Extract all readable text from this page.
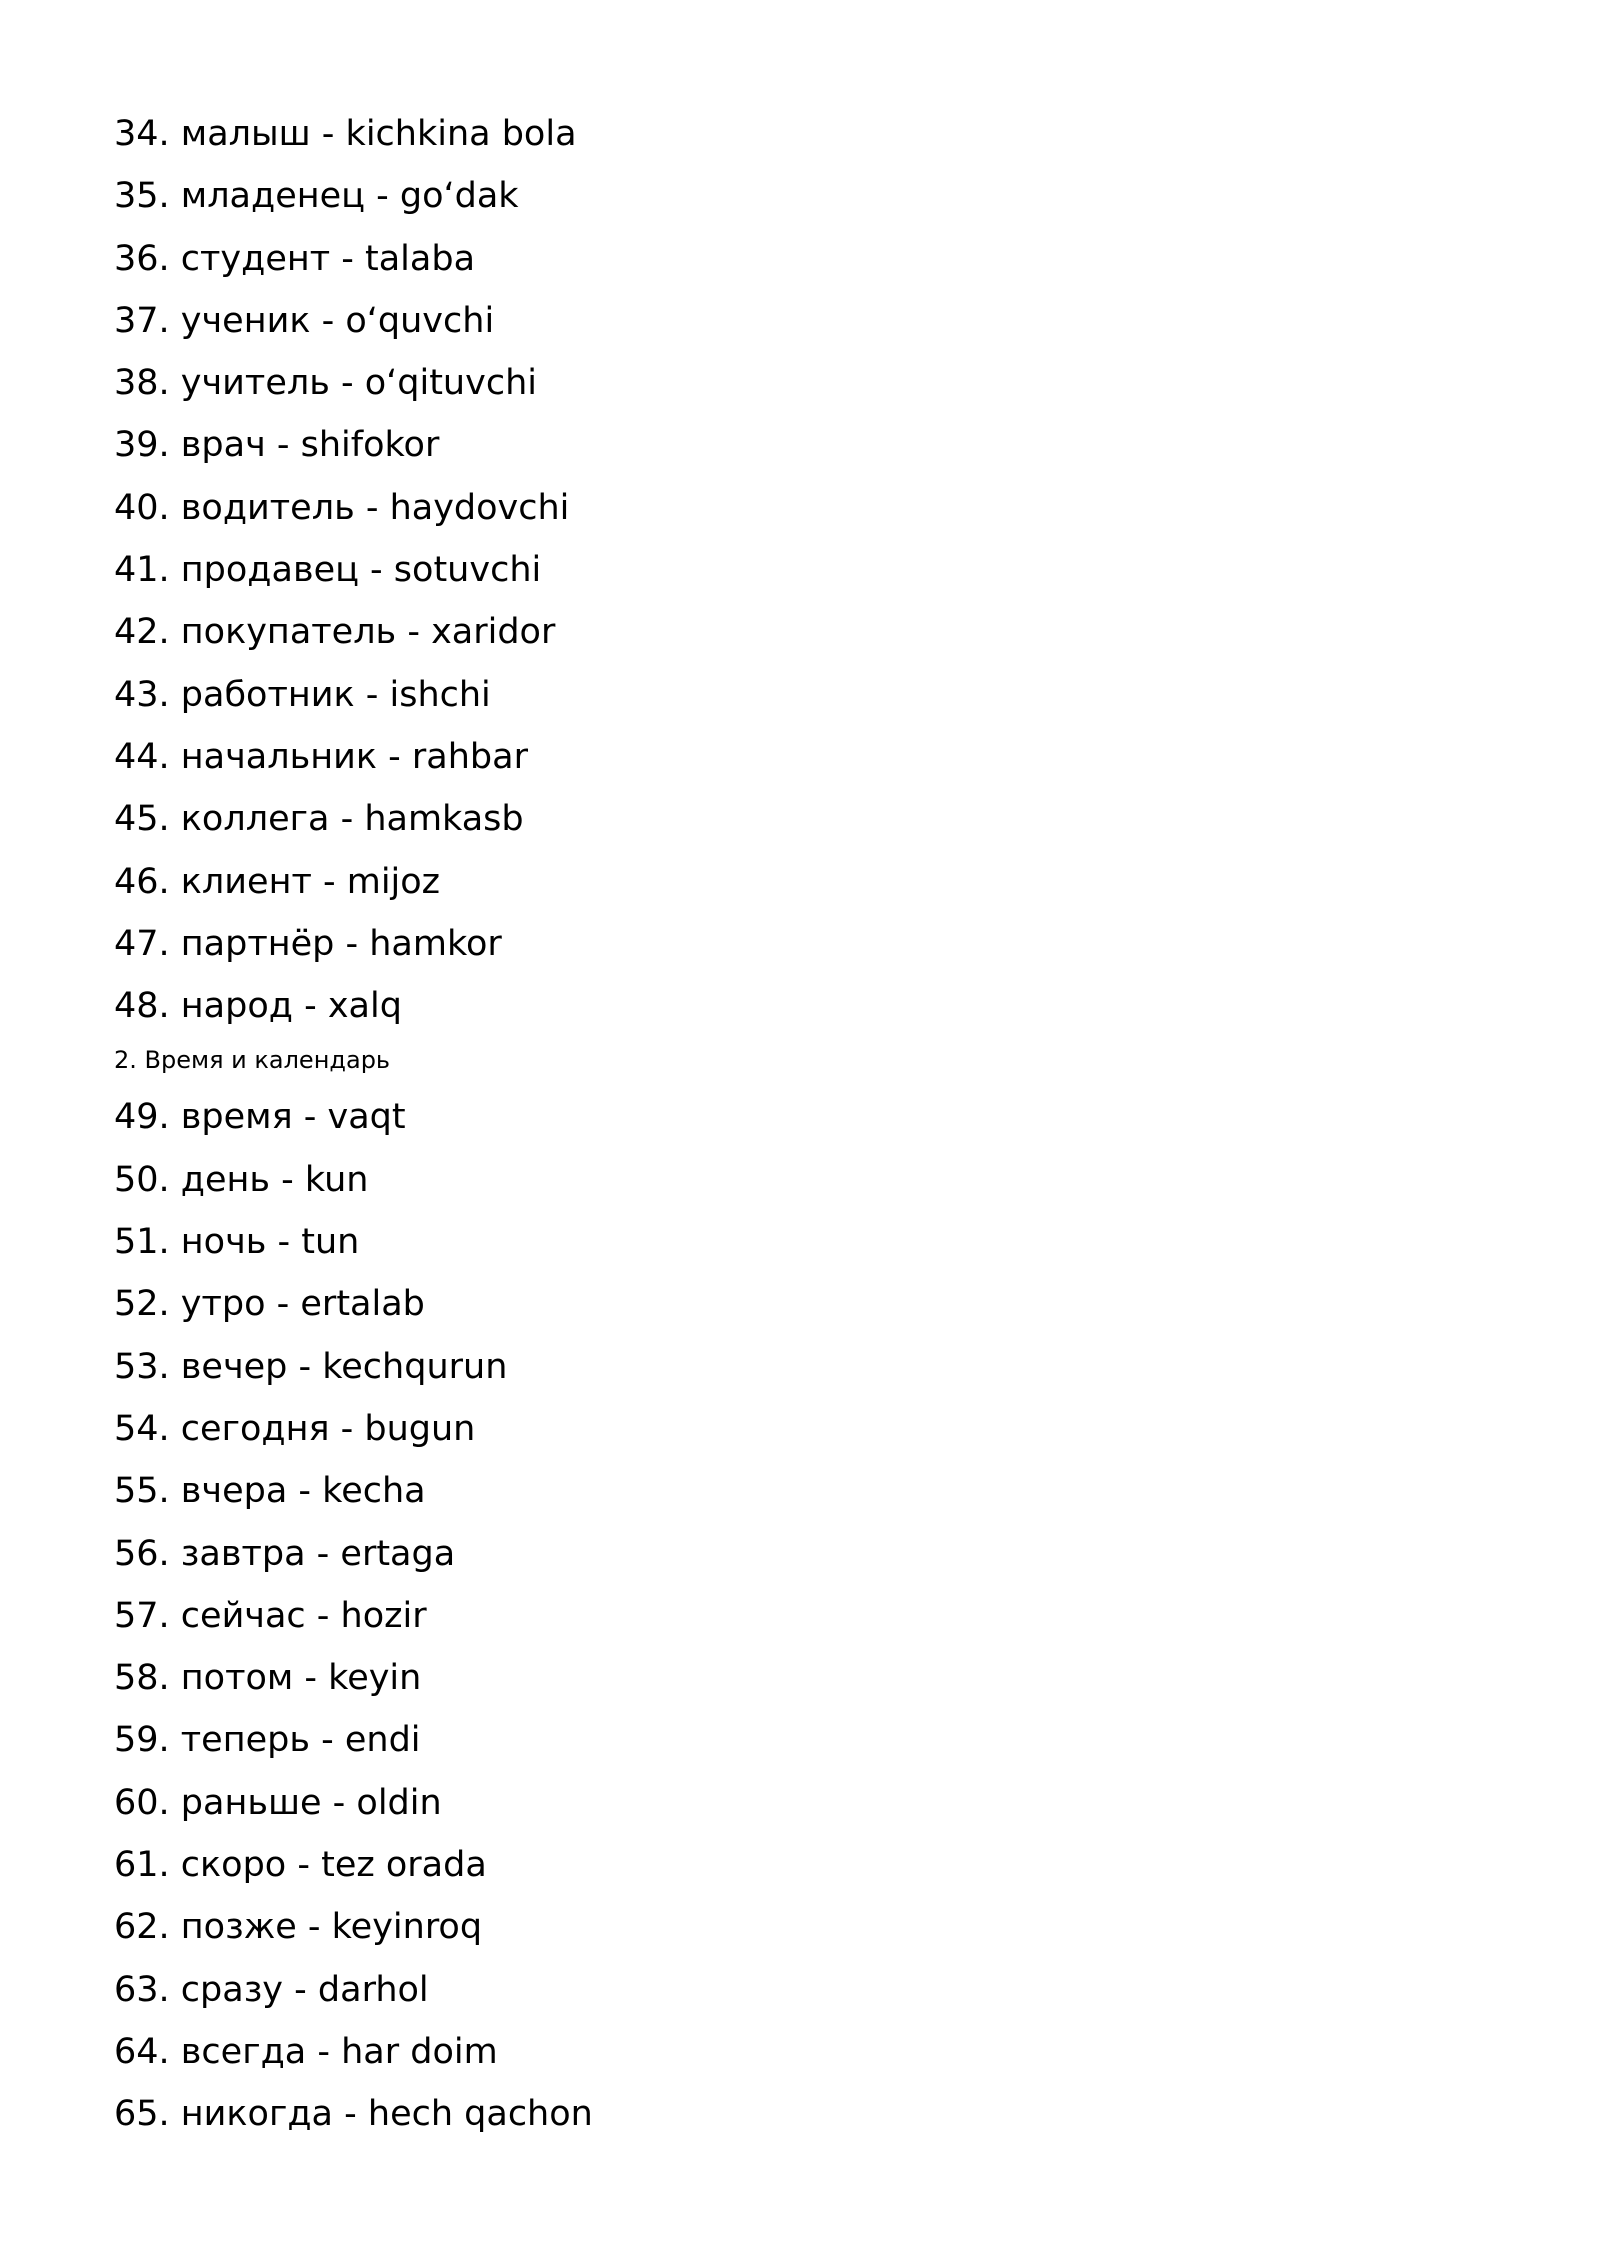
34. малыш - kichkina bola
35. младенец - go‘dak
36. студент - talaba
37. ученик - o‘quvchi
38. учитель - o‘qituvchi
39. врач - shifokor
40. водитель - haydovchi
41. продавец - sotuvchi
42. покупатель - xaridor
43. работник - ishchi
44. начальник - rahbar
45. коллега - hamkasb
46. клиент - mijoz
47. партнёр - hamkor
48. народ - xalq
2. Время и календарь
49. время - vaqt
50. день - kun
51. ночь - tun
52. утро - ertalab
53. вечер - kechqurun
54. сегодня - bugun
55. вчера - kecha
56. завтра - ertaga
57. сейчас - hozir
58. потом - keyin
59. теперь - endi
60. раньше - oldin
61. скоро - tez orada
62. позже - keyinroq
63. сразу - darhol
64. всегда - har doim
65. никогда - hech qachon
